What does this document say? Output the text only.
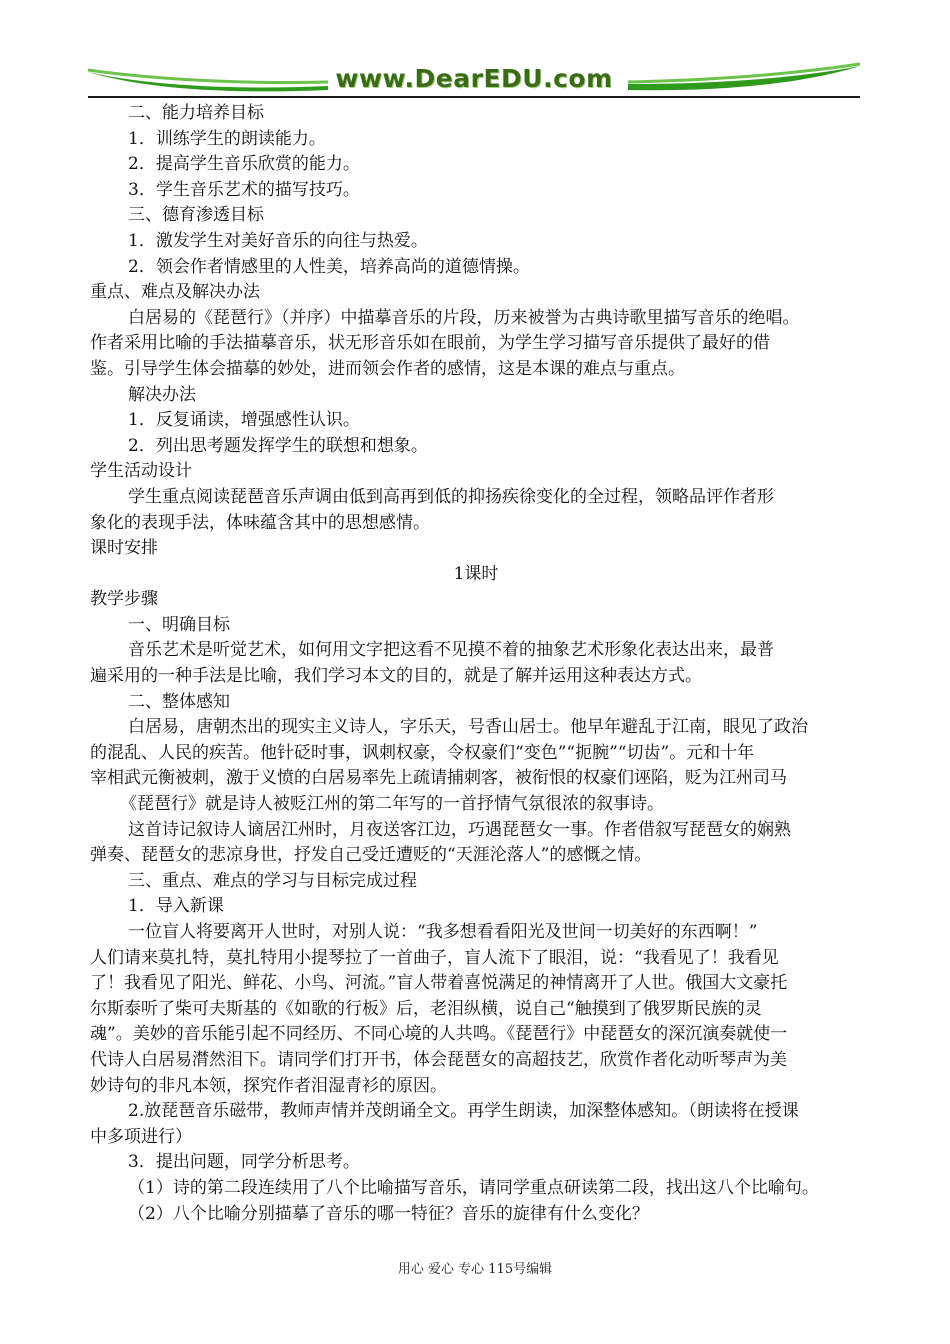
www.DearEDU.com
二、能力培养目标
1．训练学生的朗读能力。
2．提高学生音乐欣赏的能力。
3．学生音乐艺术的描写技巧。
三、德育渗透目标
1．激发学生对美好音乐的向往与热爱。
2．领会作者情感里的人性美，培养高尚的道德情操。
重点、难点及解决办法
白居易的《琵琶行》（并序）中描摹音乐的片段，历来被誉为古典诗歌里描写音乐的绝唱。
作者采用比喻的手法描摹音乐，状无形音乐如在眼前，为学生学习描写音乐提供了最好的借
鉴。引导学生体会描摹的妙处，进而领会作者的感情，这是本课的难点与重点。
解决办法
1．反复诵读，增强感性认识。
2．列出思考题发挥学生的联想和想象。
学生活动设计
学生重点阅读琵琶音乐声调由低到高再到低的抑扬疾徐变化的全过程，领略品评作者形
象化的表现手法，体味蕴含其中的思想感情。
课时安排
1课时
教学步骤
一、明确目标
音乐艺术是听觉艺术，如何用文字把这看不见摸不着的抽象艺术形象化表达出来，最普
遍采用的一种手法是比喻，我们学习本文的目的，就是了解并运用这种表达方式。
二、整体感知
白居易，唐朝杰出的现实主义诗人，字乐天，号香山居士。他早年避乱于江南，眼见了政治
的混乱、人民的疾苦。他针砭时事，讽刺权豪，令权豪们“变色”“扼腕”“切齿”。元和十年
宰相武元衡被刺，激于义愤的白居易率先上疏请捕刺客，被衔恨的权豪们诬陷，贬为江州司马
《琵琶行》就是诗人被贬江州的第二年写的一首抒情气氛很浓的叙事诗。
这首诗记叙诗人谪居江州时，月夜送客江边，巧遇琵琶女一事。作者借叙写琵琶女的娴熟
弹奏、琵琶女的悲凉身世，抒发自己受迁遭贬的“天涯沦落人”的感慨之情。
三、重点、难点的学习与目标完成过程
1．导入新课
一位盲人将要离开人世时，对别人说：“我多想看看阳光及世间一切美好的东西啊！”
人们请来莫扎特，莫扎特用小提琴拉了一首曲子，盲人流下了眼泪，说：“我看见了！我看见
了！我看见了阳光、鲜花、小鸟、河流。”盲人带着喜悦满足的神情离开了人世。俄国大文豪托
尔斯泰听了柴可夫斯基的《如歌的行板》后，老泪纵横，说自己“触摸到了俄罗斯民族的灵
魂”。美妙的音乐能引起不同经历、不同心境的人共鸣。《琵琶行》中琵琶女的深沉演奏就使一
代诗人白居易潸然泪下。请同学们打开书，体会琵琶女的高超技艺，欣赏作者化动听琴声为美
妙诗句的非凡本领，探究作者泪湿青衫的原因。
2.放琵琶音乐磁带，教师声情并茂朗诵全文。再学生朗读，加深整体感知。（朗读将在授课
中多项进行）
3．提出问题，同学分析思考。
（1）诗的第二段连续用了八个比喻描写音乐，请同学重点研读第二段，找出这八个比喻句。
（2）八个比喻分别描摹了音乐的哪一特征？音乐的旋律有什么变化？
用心 爱心 专心 115号编辑
